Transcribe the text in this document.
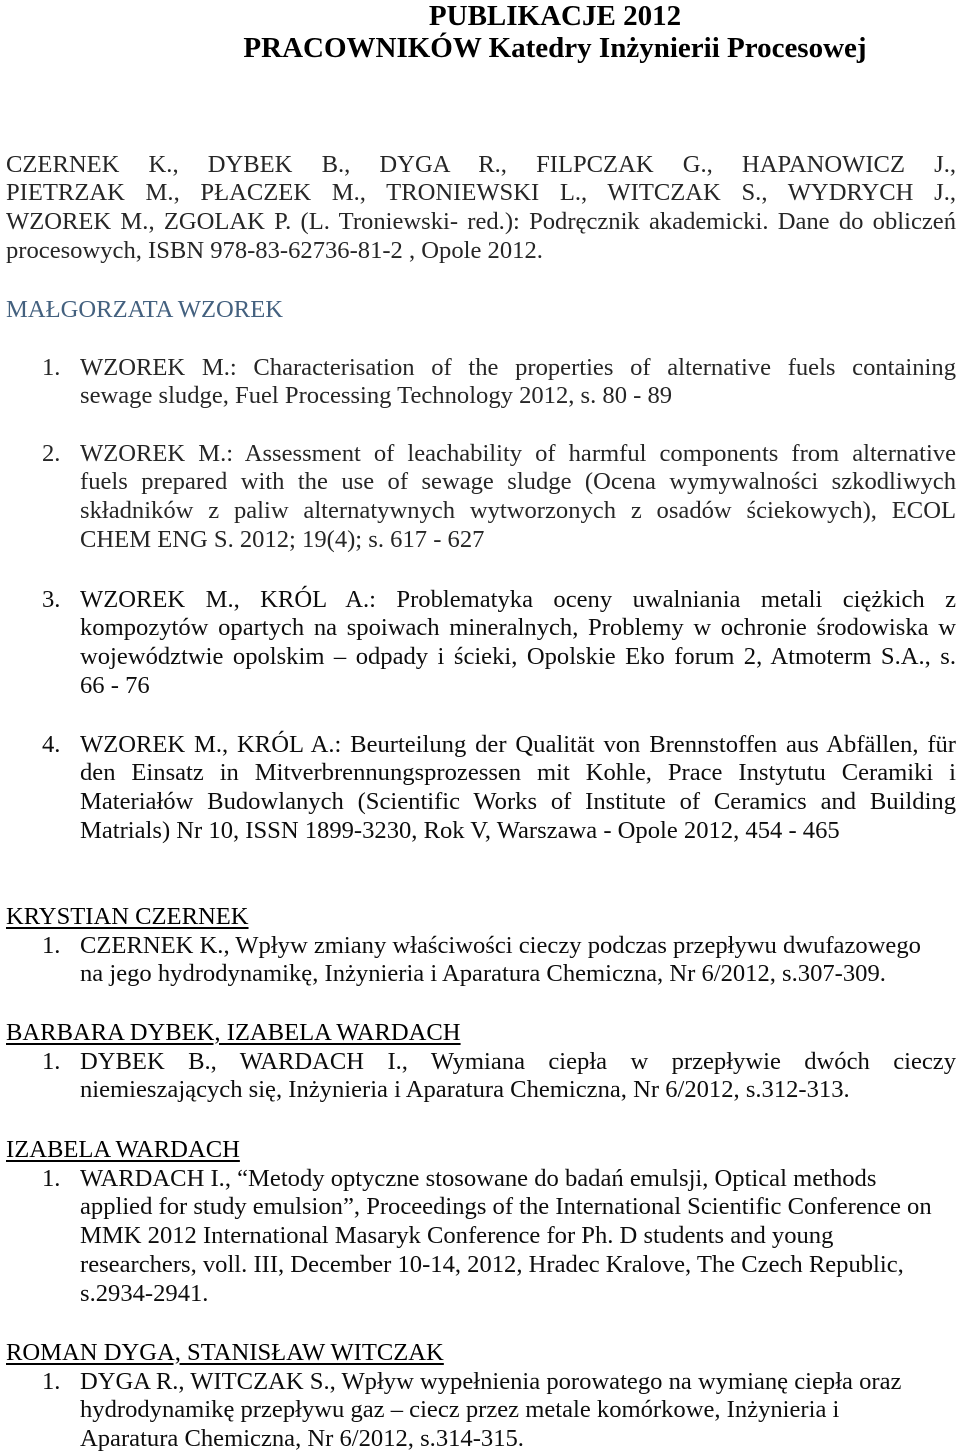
PUBLIKACJE 2012
PRACOWNIKÓW Katedry Inżynierii Procesowej
CZERNEK K., DYBEK B., DYGA R., FILPCZAK G., HAPANOWICZ J.,
PIETRZAK M., PŁACZEK M., TRONIEWSKI L., WITCZAK S., WYDRYCH J.,
WZOREK M., ZGOLAK P. (L. Troniewski- red.): Podręcznik akademicki. Dane do obliczeń
procesowych, ISBN 978-83-62736-81-2 , Opole 2012.
MAŁGORZATA WZOREK
1. WZOREK M.: Characterisation of the properties of alternative fuels containing
sewage sludge, Fuel Processing Technology 2012, s. 80 - 89
2. WZOREK M.: Assessment of leachability of harmful components from alternative
fuels prepared with the use of sewage sludge (Ocena wymywalności szkodliwych
składników z paliw alternatywnych wytworzonych z osadów ściekowych), ECOL
CHEM ENG S. 2012; 19(4); s. 617 - 627
3. WZOREK M., KRÓL A.: Problematyka oceny uwalniania metali ciężkich z
kompozytów opartych na spoiwach mineralnych, Problemy w ochronie środowiska w
województwie opolskim – odpady i ścieki, Opolskie Eko forum 2, Atmoterm S.A., s.
66 - 76
4. WZOREK M., KRÓL A.: Beurteilung der Qualität von Brennstoffen aus Abfällen, für
den Einsatz in Mitverbrennungsprozessen mit Kohle, Prace Instytutu Ceramiki i
Materiałów Budowlanych (Scientific Works of Institute of Ceramics and Building
Matrials) Nr 10, ISSN 1899-3230, Rok V, Warszawa - Opole 2012, 454 - 465
KRYSTIAN CZERNEK
1. CZERNEK K., Wpływ zmiany właściwości cieczy podczas przepływu dwufazowego
na jego hydrodynamikę, Inżynieria i Aparatura Chemiczna, Nr 6/2012, s.307-309.
BARBARA DYBEK, IZABELA WARDACH
1. DYBEK B., WARDACH I., Wymiana ciepła w przepływie dwóch cieczy
niemieszających się, Inżynieria i Aparatura Chemiczna, Nr 6/2012, s.312-313.
IZABELA WARDACH
1. WARDACH I., “Metody optyczne stosowane do badań emulsji, Optical methods
applied for study emulsion”, Proceedings of the International Scientific Conference on
MMK 2012 International Masaryk Conference for Ph. D students and young
researchers, voll. III, December 10-14, 2012, Hradec Kralove, The Czech Republic,
s.2934-2941.
ROMAN DYGA, STANISŁAW WITCZAK
1. DYGA R., WITCZAK S., Wpływ wypełnienia porowatego na wymianę ciepła oraz
hydrodynamikę przepływu gaz – ciecz przez metale komórkowe, Inżynieria i
Aparatura Chemiczna, Nr 6/2012, s.314-315.
